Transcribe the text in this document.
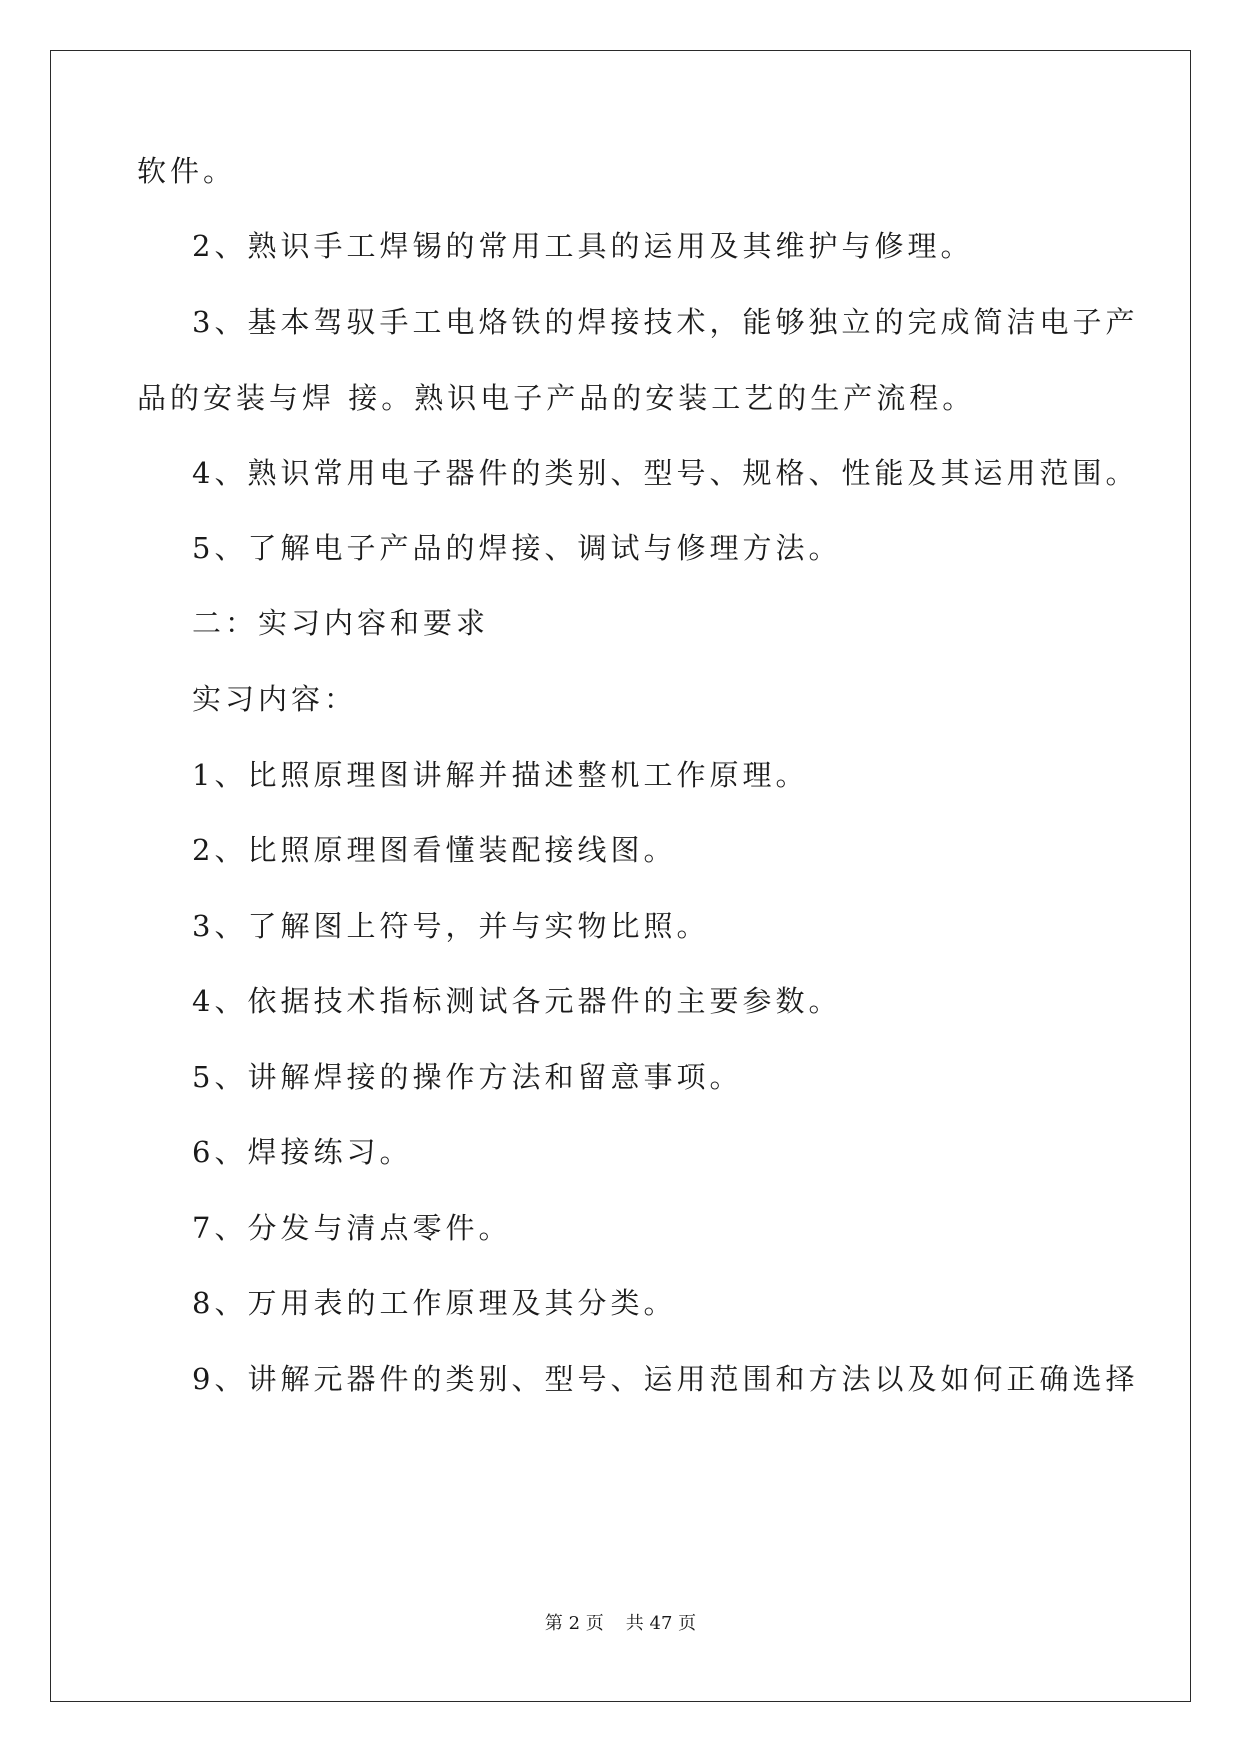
软件。
2、熟识手工焊锡的常用工具的运用及其维护与修理。
3、基本驾驭手工电烙铁的焊接技术，能够独立的完成简洁电子产
品的安装与焊 接。熟识电子产品的安装工艺的生产流程。
4、熟识常用电子器件的类别、型号、规格、性能及其运用范围。
5、了解电子产品的焊接、调试与修理方法。
二：实习内容和要求
实习内容：
1、比照原理图讲解并描述整机工作原理。
2、比照原理图看懂装配接线图。
3、了解图上符号，并与实物比照。
4、依据技术指标测试各元器件的主要参数。
5、讲解焊接的操作方法和留意事项。
6、焊接练习。
7、分发与清点零件。
8、万用表的工作原理及其分类。
9、讲解元器件的类别、型号、运用范围和方法以及如何正确选择
第 2 页 共 47 页
